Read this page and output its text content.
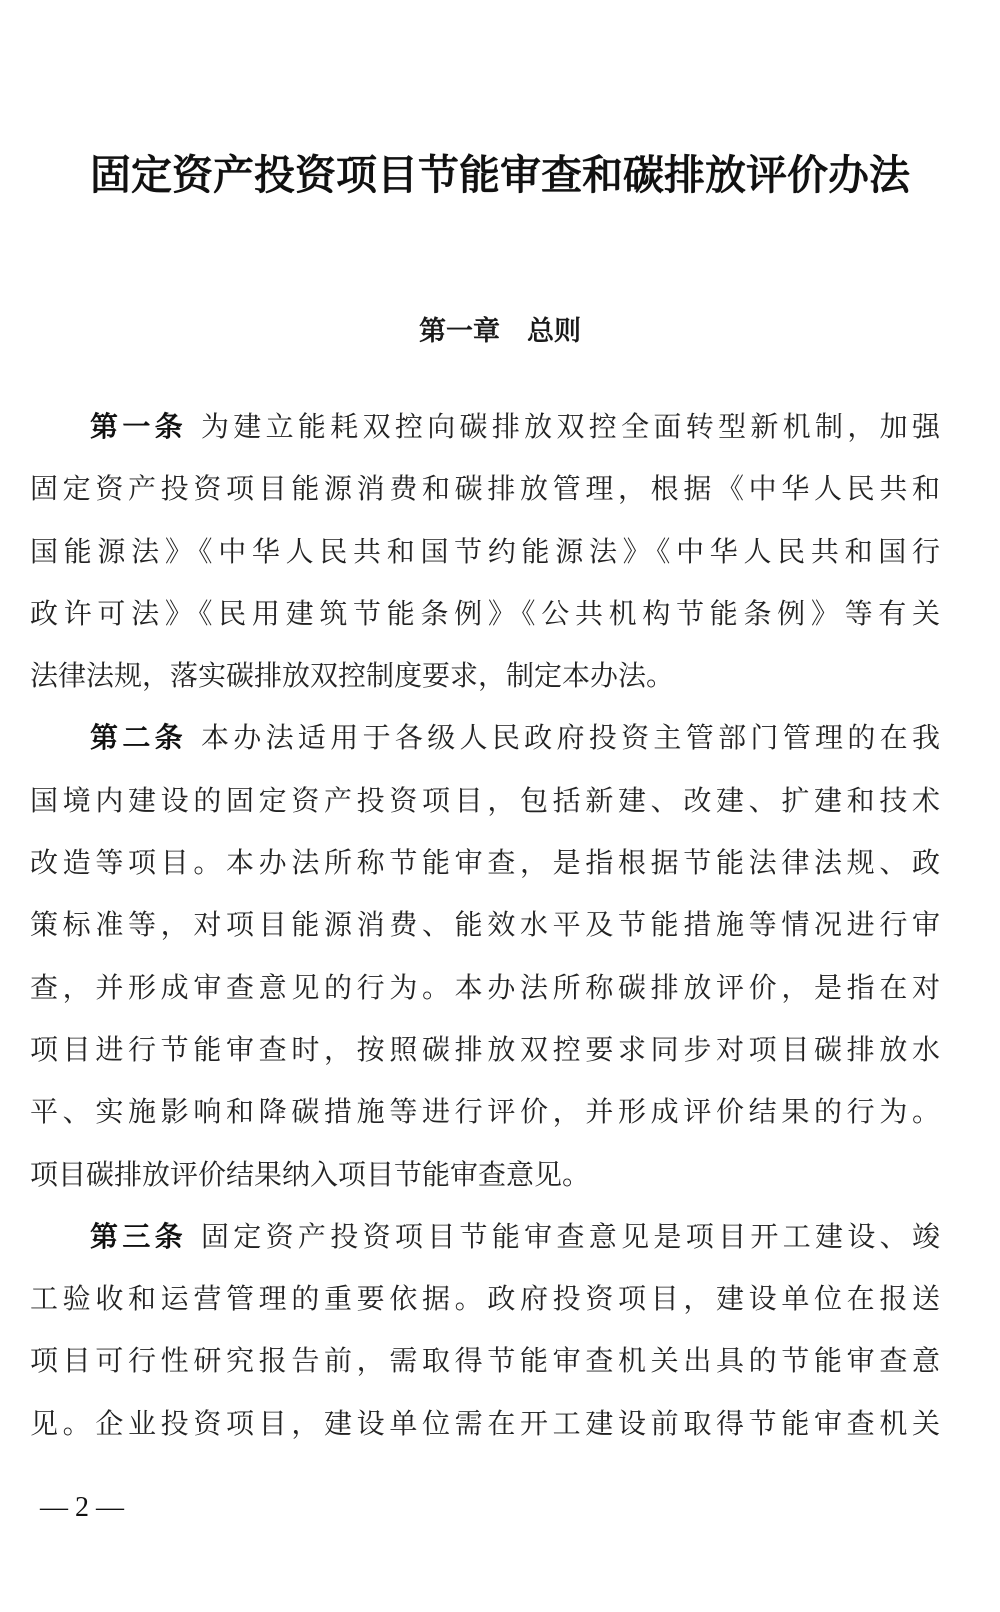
固定资产投资项目节能审查和碳排放评价办法
第一章　总则
第一条 为建立能耗双控向碳排放双控全面转型新机制，加强
固定资产投资项目能源消费和碳排放管理，根据《中华人民共和
国能源法》《中华人民共和国节约能源法》《中华人民共和国行
政许可法》《民用建筑节能条例》《公共机构节能条例》等有关
法律法规，落实碳排放双控制度要求，制定本办法。
第二条 本办法适用于各级人民政府投资主管部门管理的在我
国境内建设的固定资产投资项目，包括新建、改建、扩建和技术
改造等项目。本办法所称节能审查，是指根据节能法律法规、政
策标准等，对项目能源消费、能效水平及节能措施等情况进行审
查，并形成审查意见的行为。本办法所称碳排放评价，是指在对
项目进行节能审查时，按照碳排放双控要求同步对项目碳排放水
平、实施影响和降碳措施等进行评价，并形成评价结果的行为。
项目碳排放评价结果纳入项目节能审查意见。
第三条 固定资产投资项目节能审查意见是项目开工建设、竣
工验收和运营管理的重要依据。政府投资项目，建设单位在报送
项目可行性研究报告前，需取得节能审查机关出具的节能审查意
见。企业投资项目，建设单位需在开工建设前取得节能审查机关
— 2 —
